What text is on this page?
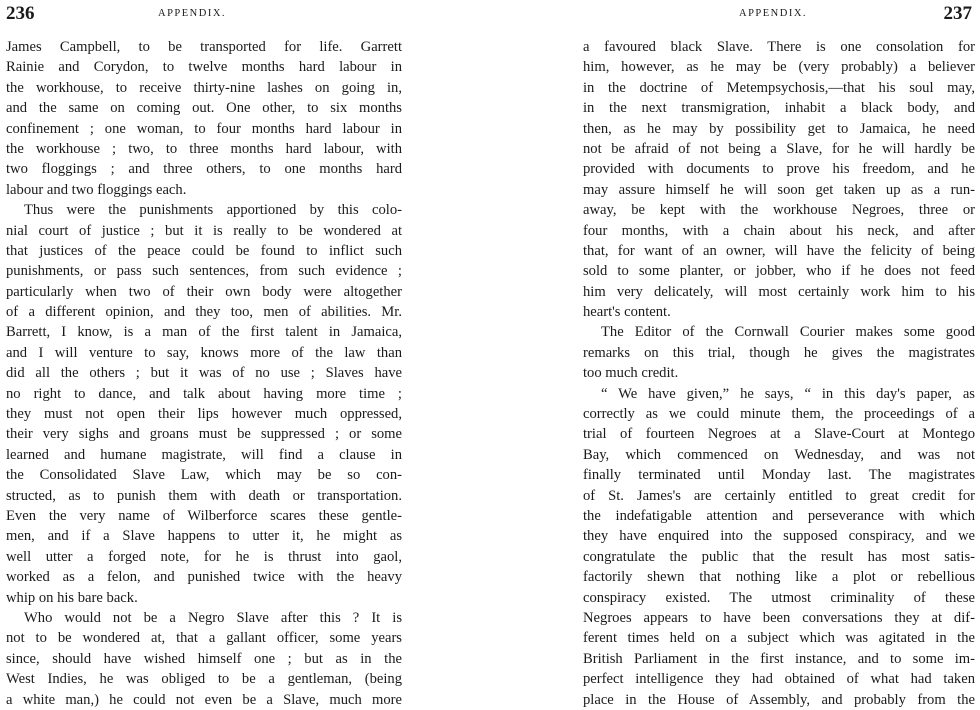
236	APPENDIX.
James Campbell, to be transported for life. Garrett
Rainie and Corydon, to twelve months hard labour in
the workhouse, to receive thirty-nine lashes on going in,
and the same on coming out. One other, to six months
confinement ; one woman, to four months hard labour in
the workhouse ; two, to three months hard labour, with
two floggings ; and three others, to one months hard
labour and two floggings each.
Thus were the punishments apportioned by this colo-
nial court of justice ; but it is really to be wondered at
that justices of the peace could be found to inflict such
punishments, or pass such sentences, from such evidence ;
particularly when two of their own body were altogether
of a different opinion, and they too, men of abilities. Mr.
Barrett, I know, is a man of the first talent in Jamaica,
and I will venture to say, knows more of the law than
did all the others ; but it was of no use ; Slaves have
no right to dance, and talk about having more time ;
they must not open their lips however much oppressed,
their very sighs and groans must be suppressed ; or some
learned and humane magistrate, will find a clause in
the Consolidated Slave Law, which may be so con-
structed, as to punish them with death or transportation.
Even the very name of Wilberforce scares these gentle-
men, and if a Slave happens to utter it, he might as
well utter a forged note, for he is thrust into gaol,
worked as a felon, and punished twice with the heavy
whip on his bare back.
Who would not be a Negro Slave after this ? It is
not to be wondered at, that a gallant officer, some years
since, should have wished himself one ; but as in the
West Indies, he was obliged to be a gentleman, (being
a white man,) he could not even be a Slave, much more
APPENDIX.	237
a favoured black Slave. There is one consolation for
him, however, as he may be (very probably) a believer
in the doctrine of Metempsychosis,—that his soul may,
in the next transmigration, inhabit a black body, and
then, as he may by possibility get to Jamaica, he need
not be afraid of not being a Slave, for he will hardly be
provided with documents to prove his freedom, and he
may assure himself he will soon get taken up as a run-
away, be kept with the workhouse Negroes, three or
four months, with a chain about his neck, and after
that, for want of an owner, will have the felicity of being
sold to some planter, or jobber, who if he does not feed
him very delicately, will most certainly work him to his
heart's content.
The Editor of the Cornwall Courier makes some good
remarks on this trial, though he gives the magistrates
too much credit.
“ We have given,” he says, “ in this day's paper, as
correctly as we could minute them, the proceedings of a
trial of fourteen Negroes at a Slave-Court at Montego
Bay, which commenced on Wednesday, and was not
finally terminated until Monday last. The magistrates
of St. James's are certainly entitled to great credit for
the indefatigable attention and perseverance with which
they have enquired into the supposed conspiracy, and we
congratulate the public that the result has most satis-
factorily shewn that nothing like a plot or rebellious
conspiracy existed. The utmost criminality of these
Negroes appears to have been conversations they at dif-
ferent times held on a subject which was agitated in the
British Parliament in the first instance, and to some im-
perfect intelligence they had obtained of what had taken
place in the House of Assembly, and probably from the
